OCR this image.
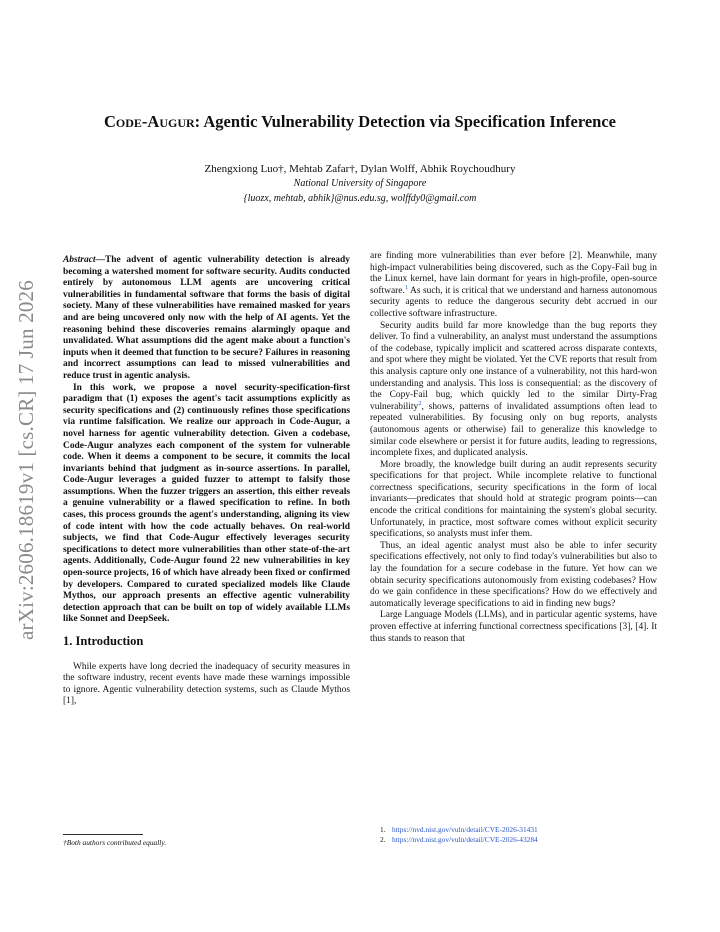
arXiv:2606.18619v1 [cs.CR] 17 Jun 2026
Code-Augur: Agentic Vulnerability Detection via Specification Inference
Zhengxiong Luo†, Mehtab Zafar†, Dylan Wolff, Abhik Roychoudhury
National University of Singapore
{luozx, mehtab, abhik}@nus.edu.sg, wolffdy0@gmail.com

Abstract—The advent of agentic vulnerability detection is already becoming a watershed moment for software security. Audits conducted entirely by autonomous LLM agents are uncovering critical vulnerabilities in fundamental software that forms the basis of digital society. Many of these vulnerabilities have remained masked for years and are being uncovered only now with the help of AI agents. Yet the reasoning behind these discoveries remains alarmingly opaque and unvalidated. What assumptions did the agent make about a function's inputs when it deemed that function to be secure? Failures in reasoning and incorrect assumptions can lead to missed vulnerabilities and reduce trust in agentic analysis.

In this work, we propose a novel security-specification-first paradigm that (1) exposes the agent's tacit assumptions explicitly as security specifications and (2) continuously refines those specifications via runtime falsification. We realize our approach in Code-Augur, a novel harness for agentic vulnerability detection. Given a codebase, Code-Augur analyzes each component of the system for vulnerable code. When it deems a component to be secure, it commits the local invariants behind that judgment as in-source assertions. In parallel, Code-Augur leverages a guided fuzzer to attempt to falsify those assumptions. When the fuzzer triggers an assertion, this either reveals a genuine vulnerability or a flawed specification to refine. In both cases, this process grounds the agent's understanding, aligning its view of code intent with how the code actually behaves. On real-world subjects, we find that Code-Augur effectively leverages security specifications to detect more vulnerabilities than other state-of-the-art agents. Additionally, Code-Augur found 22 new vulnerabilities in key open-source projects, 16 of which have already been fixed or confirmed by developers. Compared to curated specialized models like Claude Mythos, our approach presents an effective agentic vulnerability detection approach that can be built on top of widely available LLMs like Sonnet and DeepSeek.

1. Introduction

While experts have long decried the inadequacy of security measures in the software industry, recent events have made these warnings impossible to ignore. Agentic vulnerability detection systems, such as Claude Mythos [1],

are finding more vulnerabilities than ever before [2]. Meanwhile, many high-impact vulnerabilities being discovered, such as the Copy-Fail bug in the Linux kernel, have lain dormant for years in high-profile, open-source software.$^1$ As such, it is critical that we understand and harness autonomous security agents to reduce the dangerous security debt accrued in our collective software infrastructure.

Security audits build far more knowledge than the bug reports they deliver. To find a vulnerability, an analyst must understand the assumptions of the codebase, typically implicit and scattered across disparate contexts, and spot where they might be violated. Yet the CVE reports that result from this analysis capture only one instance of a vulnerability, not this hard-won understanding and analysis. This loss is consequential: as the discovery of the Copy-Fail bug, which quickly led to the similar Dirty-Frag vulnerability$^2$, shows, patterns of invalidated assumptions often lead to repeated vulnerabilities. By focusing only on bug reports, analysts (autonomous agents or otherwise) fail to generalize this knowledge to similar code elsewhere or persist it for future audits, leading to regressions, incomplete fixes, and duplicated analysis.

More broadly, the knowledge built during an audit represents security specifications for that project. While incomplete relative to functional correctness specifications, security specifications in the form of local invariants—predicates that should hold at strategic program points—can encode the critical conditions for maintaining the system's global security. Unfortunately, in practice, most software comes without explicit security specifications, so analysts must infer them.

Thus, an ideal agentic analyst must also be able to infer security specifications effectively, not only to find today's vulnerabilities but also to lay the foundation for a secure codebase in the future. Yet how can we obtain security specifications autonomously from existing codebases? How do we gain confidence in these specifications? How do we effectively and automatically leverage specifications to aid in finding new bugs?

Large Language Models (LLMs), and in particular agentic systems, have proven effective at inferring functional correctness specifications [3], [4]. It thus stands to reason that

†Both authors contributed equally.
1. https://nvd.nist.gov/vuln/detail/CVE-2026-31431
2. https://nvd.nist.gov/vuln/detail/CVE-2026-43284
